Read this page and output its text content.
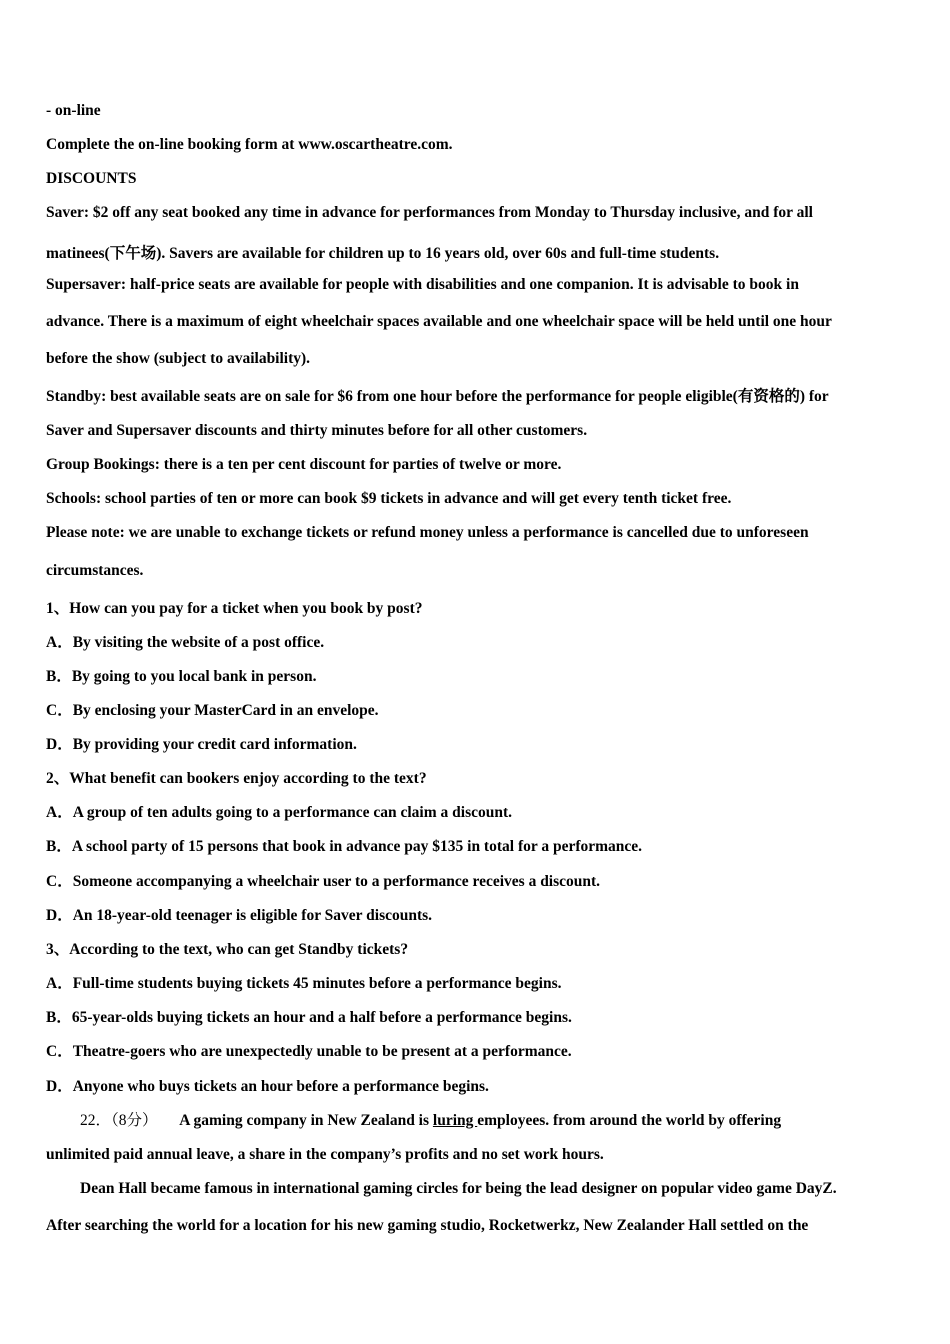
- on-line
Complete the on-line booking form at www.oscartheatre.com.
DISCOUNTS
Saver: $2 off any seat booked any time in advance for performances from Monday to Thursday inclusive, and for all
matinees(下午场). Savers are available for children up to 16 years old, over 60s and full-time students.
Supersaver: half-price seats are available for people with disabilities and one companion. It is advisable to book in
advance. There is a maximum of eight wheelchair spaces available and one wheelchair space will be held until one hour
before the show (subject to availability).
Standby: best available seats are on sale for $6 from one hour before the performance for people eligible(有资格的) for
Saver and Supersaver discounts and thirty minutes before for all other customers.
Group Bookings: there is a ten per cent discount for parties of twelve or more.
Schools: school parties of ten or more can book $9 tickets in advance and will get every tenth ticket free.
Please note: we are unable to exchange tickets or refund money unless a performance is cancelled due to unforeseen
circumstances.
1、How can you pay for a ticket when you book by post?
A．By visiting the website of a post office.
B．By going to you local bank in person.
C．By enclosing your MasterCard in an envelope.
D．By providing your credit card information.
2、What benefit can bookers enjoy according to the text?
A．A group of ten adults going to a performance can claim a discount.
B．A school party of 15 persons that book in advance pay $135 in total for a performance.
C．Someone accompanying a wheelchair user to a performance receives a discount.
D．An 18-year-old teenager is eligible for Saver discounts.
3、According to the text, who can get Standby tickets?
A．Full-time students buying tickets 45 minutes before a performance begins.
B．65-year-olds buying tickets an hour and a half before a performance begins.
C．Theatre-goers who are unexpectedly unable to be present at a performance.
D．Anyone who buys tickets an hour before a performance begins.
22．（8分） A gaming company in New Zealand is luring employees. from around the world by offering
unlimited paid annual leave, a share in the company’s profits and no set work hours.
Dean Hall became famous in international gaming circles for being the lead designer on popular video game DayZ.
After searching the world for a location for his new gaming studio, Rocketwerkz, New Zealander Hall settled on the
